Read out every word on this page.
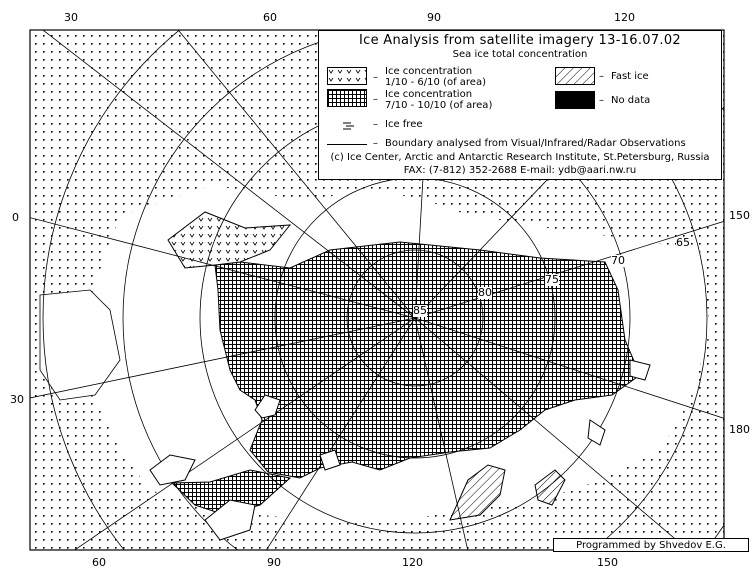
30	60	90	120
60	90	120	150
0
30
150
180
85
80
75
70
65
Ice Analysis from satellite imagery 13-16.07.02
Sea ice total concentration
Ice concentration
1/10 - 6/10 (of area)
–
Ice concentration
7/10 - 10/10 (of area)
–
– Ice free
– Fast ice
– No data
– Boundary analysed from Visual/Infrared/Radar Observations
(c) Ice Center, Arctic and Antarctic Research Institute, St.Petersburg, Russia
FAX: (7-812) 352-2688 E-mail: ydb@aari.nw.ru
Programmed by Shvedov E.G.
